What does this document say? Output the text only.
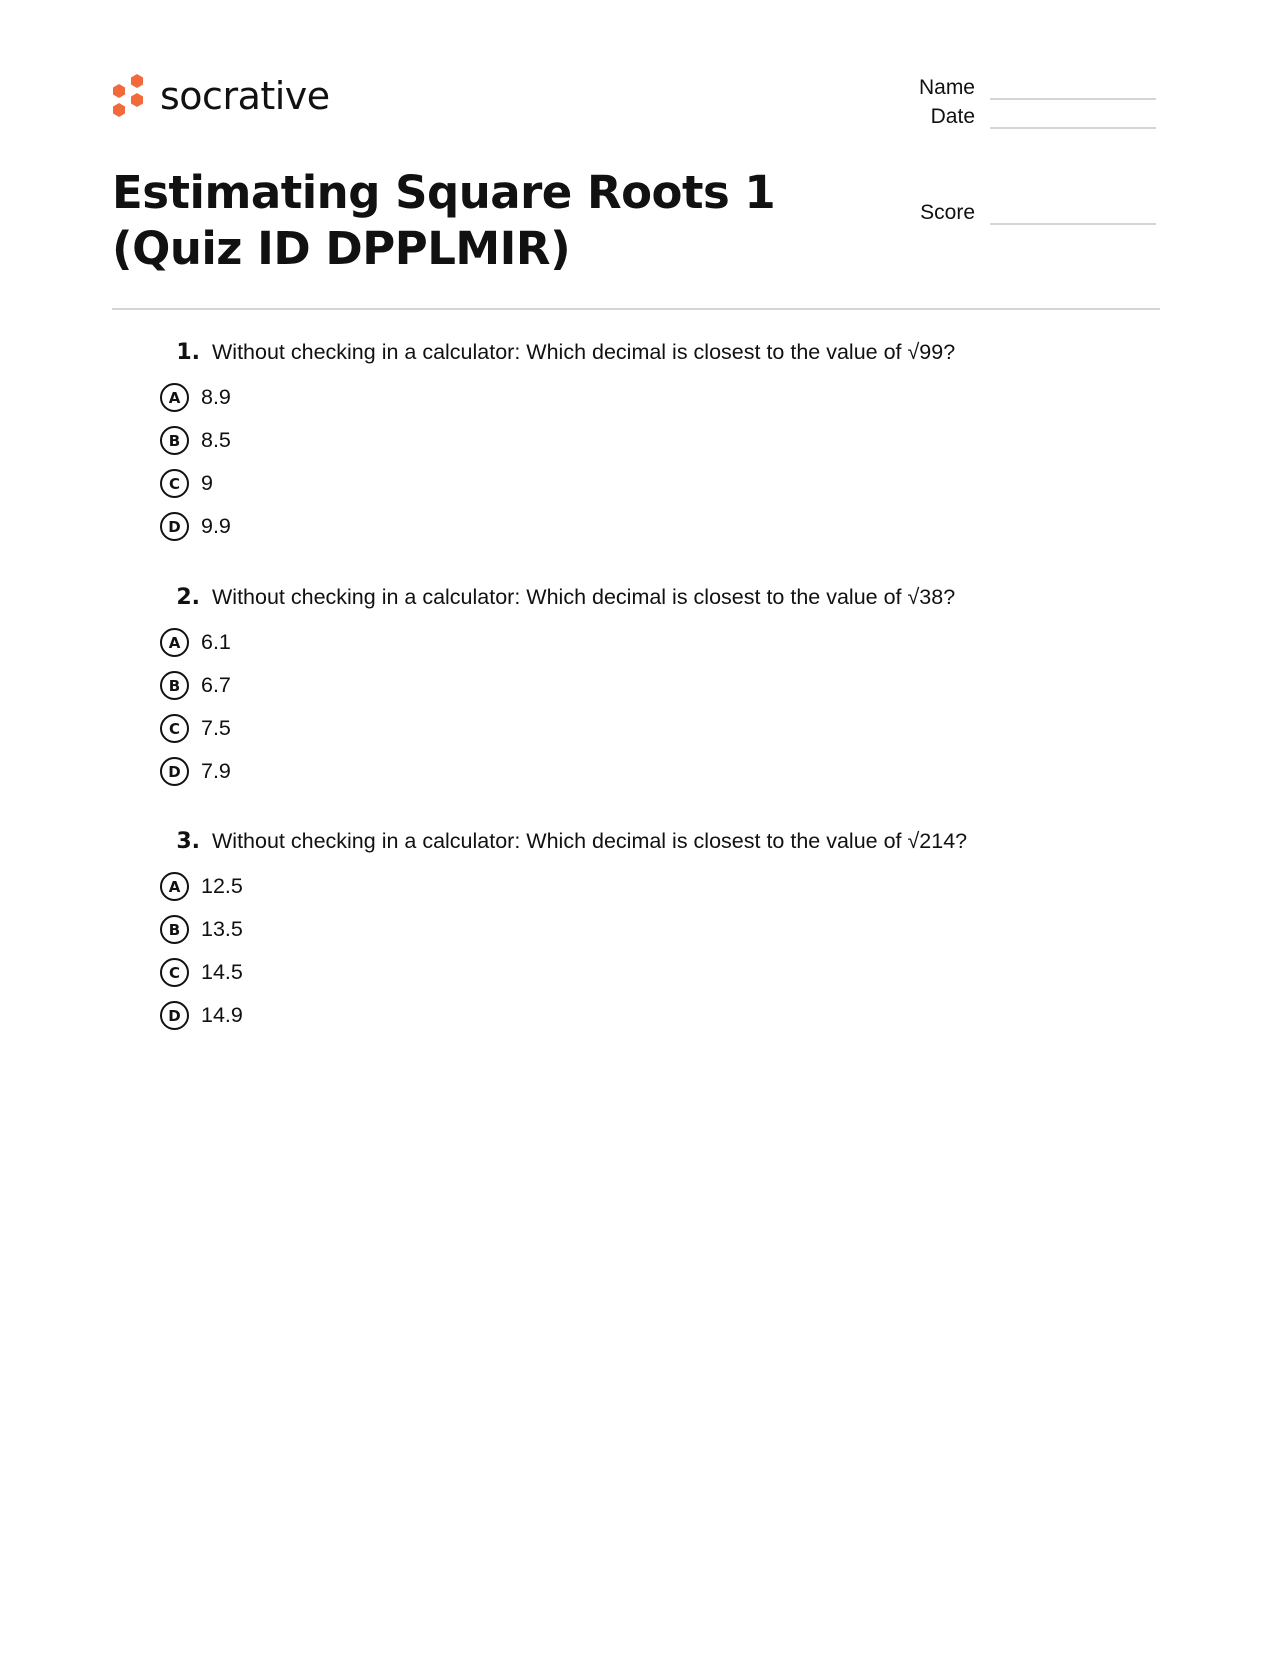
socrative	Name
Date
Score
Estimating Square Roots 1 (Quiz ID DPPLMIR)
1. Without checking in a calculator: Which decimal is closest to the value of √99?
A 8.9
B 8.5
C 9
D 9.9
2. Without checking in a calculator: Which decimal is closest to the value of √38?
A 6.1
B 6.7
C 7.5
D 7.9
3. Without checking in a calculator: Which decimal is closest to the value of √214?
A 12.5
B 13.5
C 14.5
D 14.9
